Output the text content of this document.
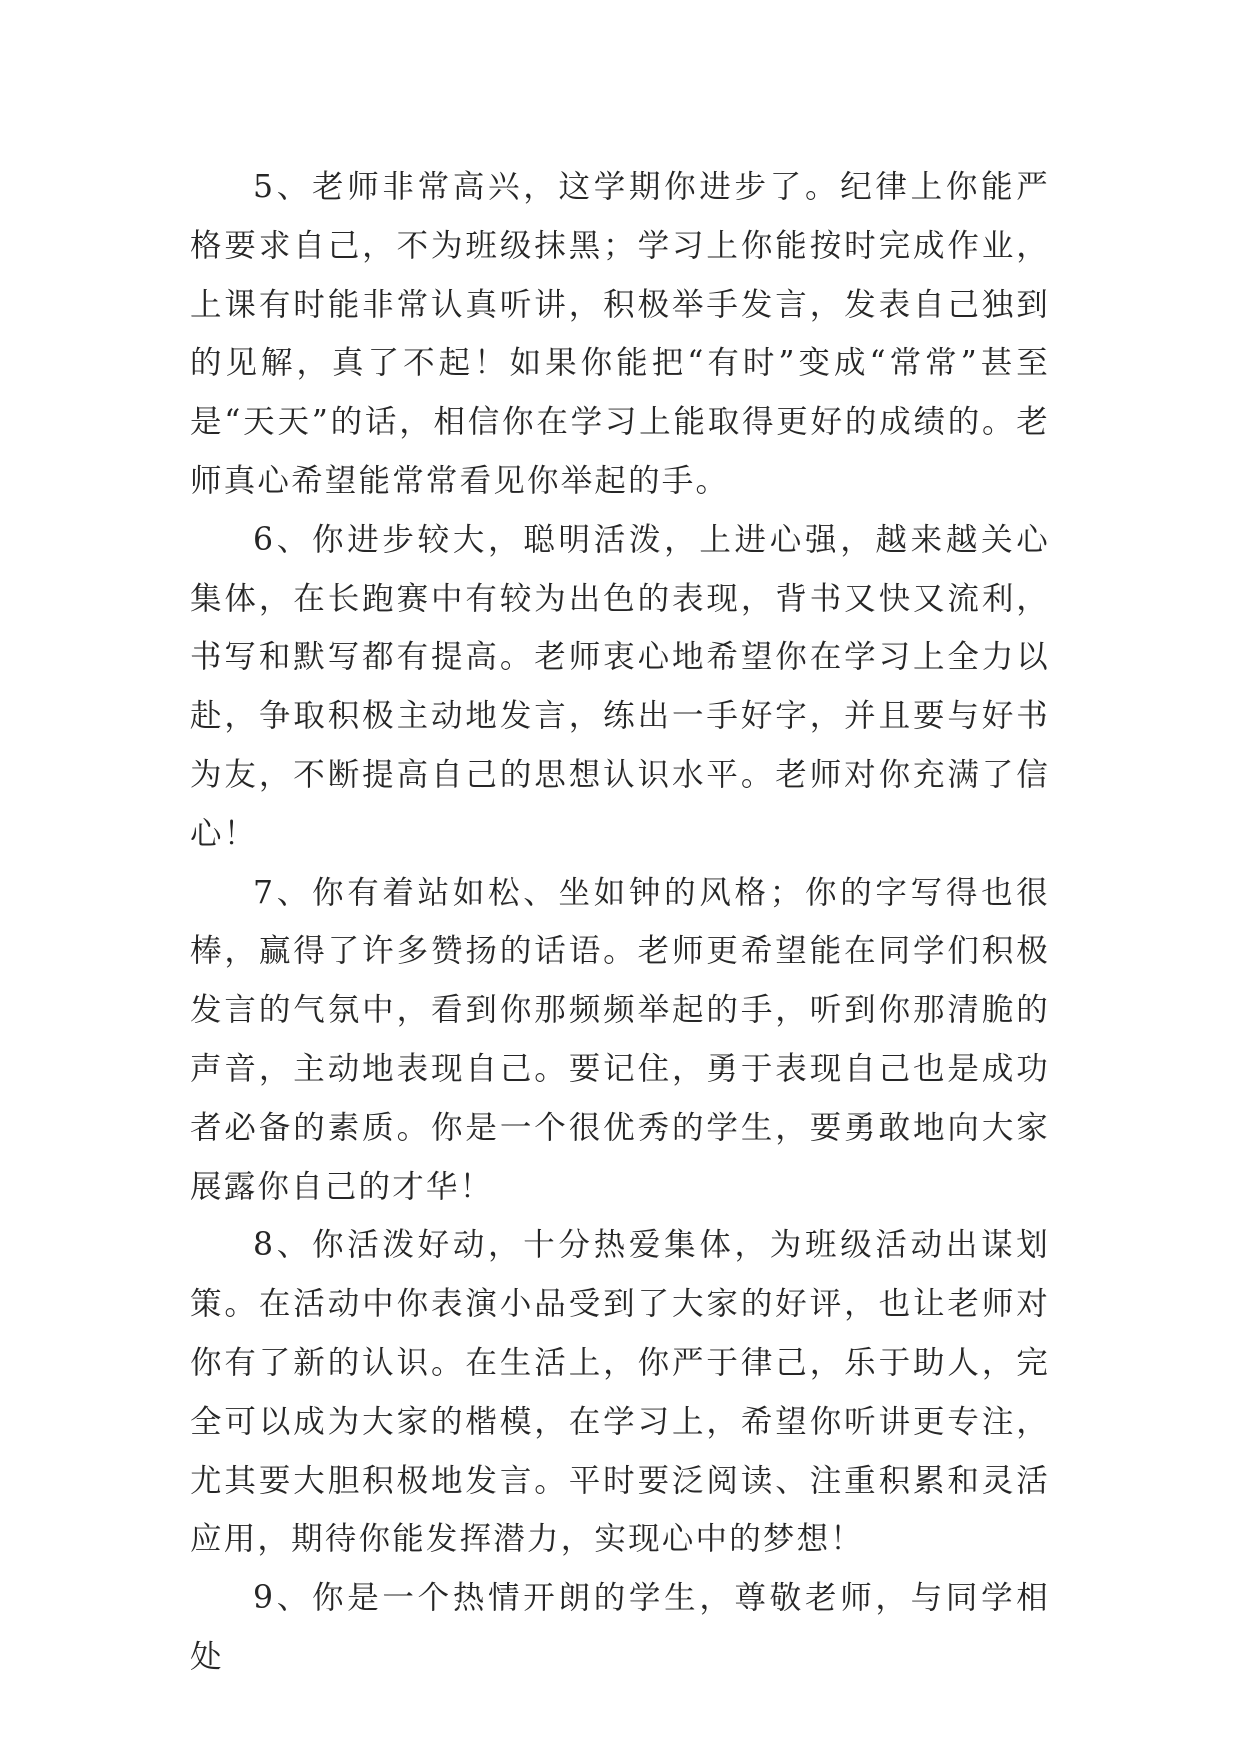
5、老师非常高兴，这学期你进步了。纪律上你能严格要求自己，不为班级抹黑；学习上你能按时完成作业，上课有时能非常认真听讲，积极举手发言，发表自己独到的见解，真了不起！如果你能把“有时”变成“常常”甚至是“天天”的话，相信你在学习上能取得更好的成绩的。老师真心希望能常常看见你举起的手。

6、你进步较大，聪明活泼，上进心强，越来越关心集体，在长跑赛中有较为出色的表现，背书又快又流利，书写和默写都有提高。老师衷心地希望你在学习上全力以赴，争取积极主动地发言，练出一手好字，并且要与好书为友，不断提高自己的思想认识水平。老师对你充满了信心！

7、你有着站如松、坐如钟的风格；你的字写得也很棒，赢得了许多赞扬的话语。老师更希望能在同学们积极发言的气氛中，看到你那频频举起的手，听到你那清脆的声音，主动地表现自己。要记住，勇于表现自己也是成功者必备的素质。你是一个很优秀的学生，要勇敢地向大家展露你自己的才华！

8、你活泼好动，十分热爱集体，为班级活动出谋划策。在活动中你表演小品受到了大家的好评，也让老师对你有了新的认识。在生活上，你严于律己，乐于助人，完全可以成为大家的楷模，在学习上，希望你听讲更专注，尤其要大胆积极地发言。平时要泛阅读、注重积累和灵活应用，期待你能发挥潜力，实现心中的梦想！

9、你是一个热情开朗的学生，尊敬老师，与同学相处
